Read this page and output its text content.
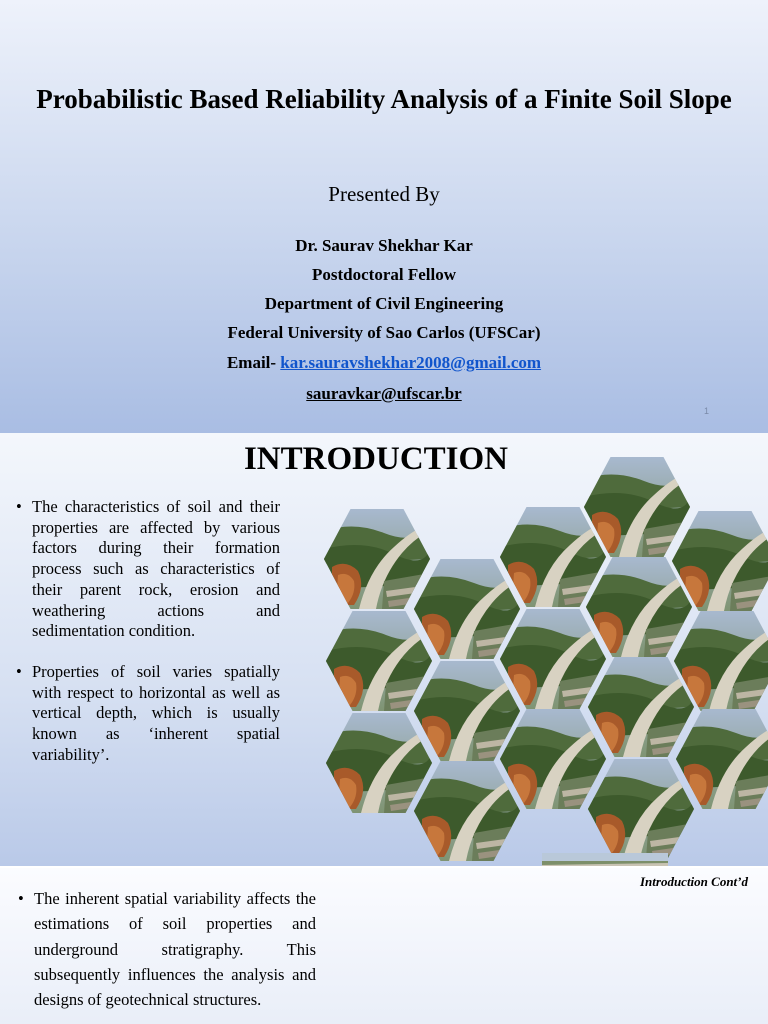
Probabilistic Based Reliability Analysis of a Finite Soil Slope
Presented By
Dr. Saurav Shekhar Kar
Postdoctoral Fellow
Department of Civil Engineering
Federal University of Sao Carlos (UFSCar)
Email- kar.sauravshekhar2008@gmail.com
sauravkar@ufscar.br
1
INTRODUCTION
• The characteristics of soil and their properties are affected by various factors during their formation process such as characteristics of their parent rock, erosion and weathering actions and sedimentation condition.
• Properties of soil varies spatially with respect to horizontal as well as vertical depth, which is usually known as ‘inherent spatial variability’.
Introduction Cont’d
• The inherent spatial variability affects the estimations of soil properties and underground stratigraphy. This subsequently influences the analysis and designs of geotechnical structures.
